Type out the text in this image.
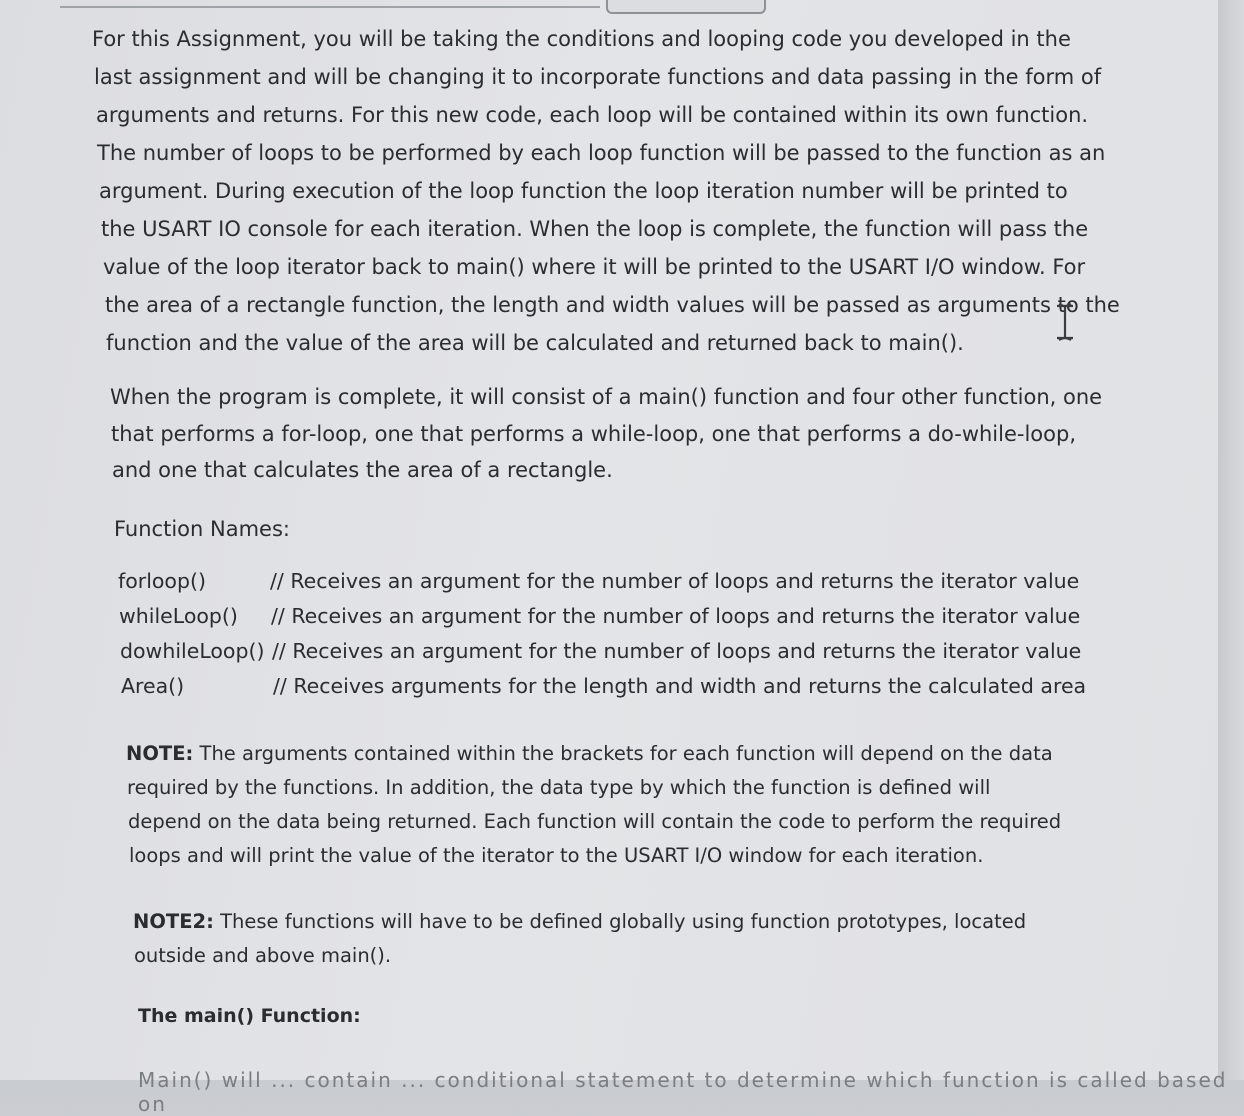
For this Assignment, you will be taking the conditions and looping code you developed in the
last assignment and will be changing it to incorporate functions and data passing in the form of
arguments and returns. For this new code, each loop will be contained within its own function.
The number of loops to be performed by each loop function will be passed to the function as an
argument. During execution of the loop function the loop iteration number will be printed to
the USART IO console for each iteration. When the loop is complete, the function will pass the
value of the loop iterator back to main() where it will be printed to the USART I/O window. For
the area of a rectangle function, the length and width values will be passed as arguments to the
function and the value of the area will be calculated and returned back to main().
When the program is complete, it will consist of a main() function and four other function, one
that performs a for-loop, one that performs a while-loop, one that performs a do-while-loop,
and one that calculates the area of a rectangle.
Function Names:
forloop()	// Receives an argument for the number of loops and returns the iterator value
whileLoop() // Receives an argument for the number of loops and returns the iterator value
dowhileLoop() // Receives an argument for the number of loops and returns the iterator value
Area()	// Receives arguments for the length and width and returns the calculated area
NOTE: The arguments contained within the brackets for each function will depend on the data
required by the functions. In addition, the data type by which the function is defined will
depend on the data being returned. Each function will contain the code to perform the required
loops and will print the value of the iterator to the USART I/O window for each iteration.
NOTE2: These functions will have to be defined globally using function prototypes, located
outside and above main().
The main() Function:
Main() will ... contain ... conditional statement to determine which function is called based on
